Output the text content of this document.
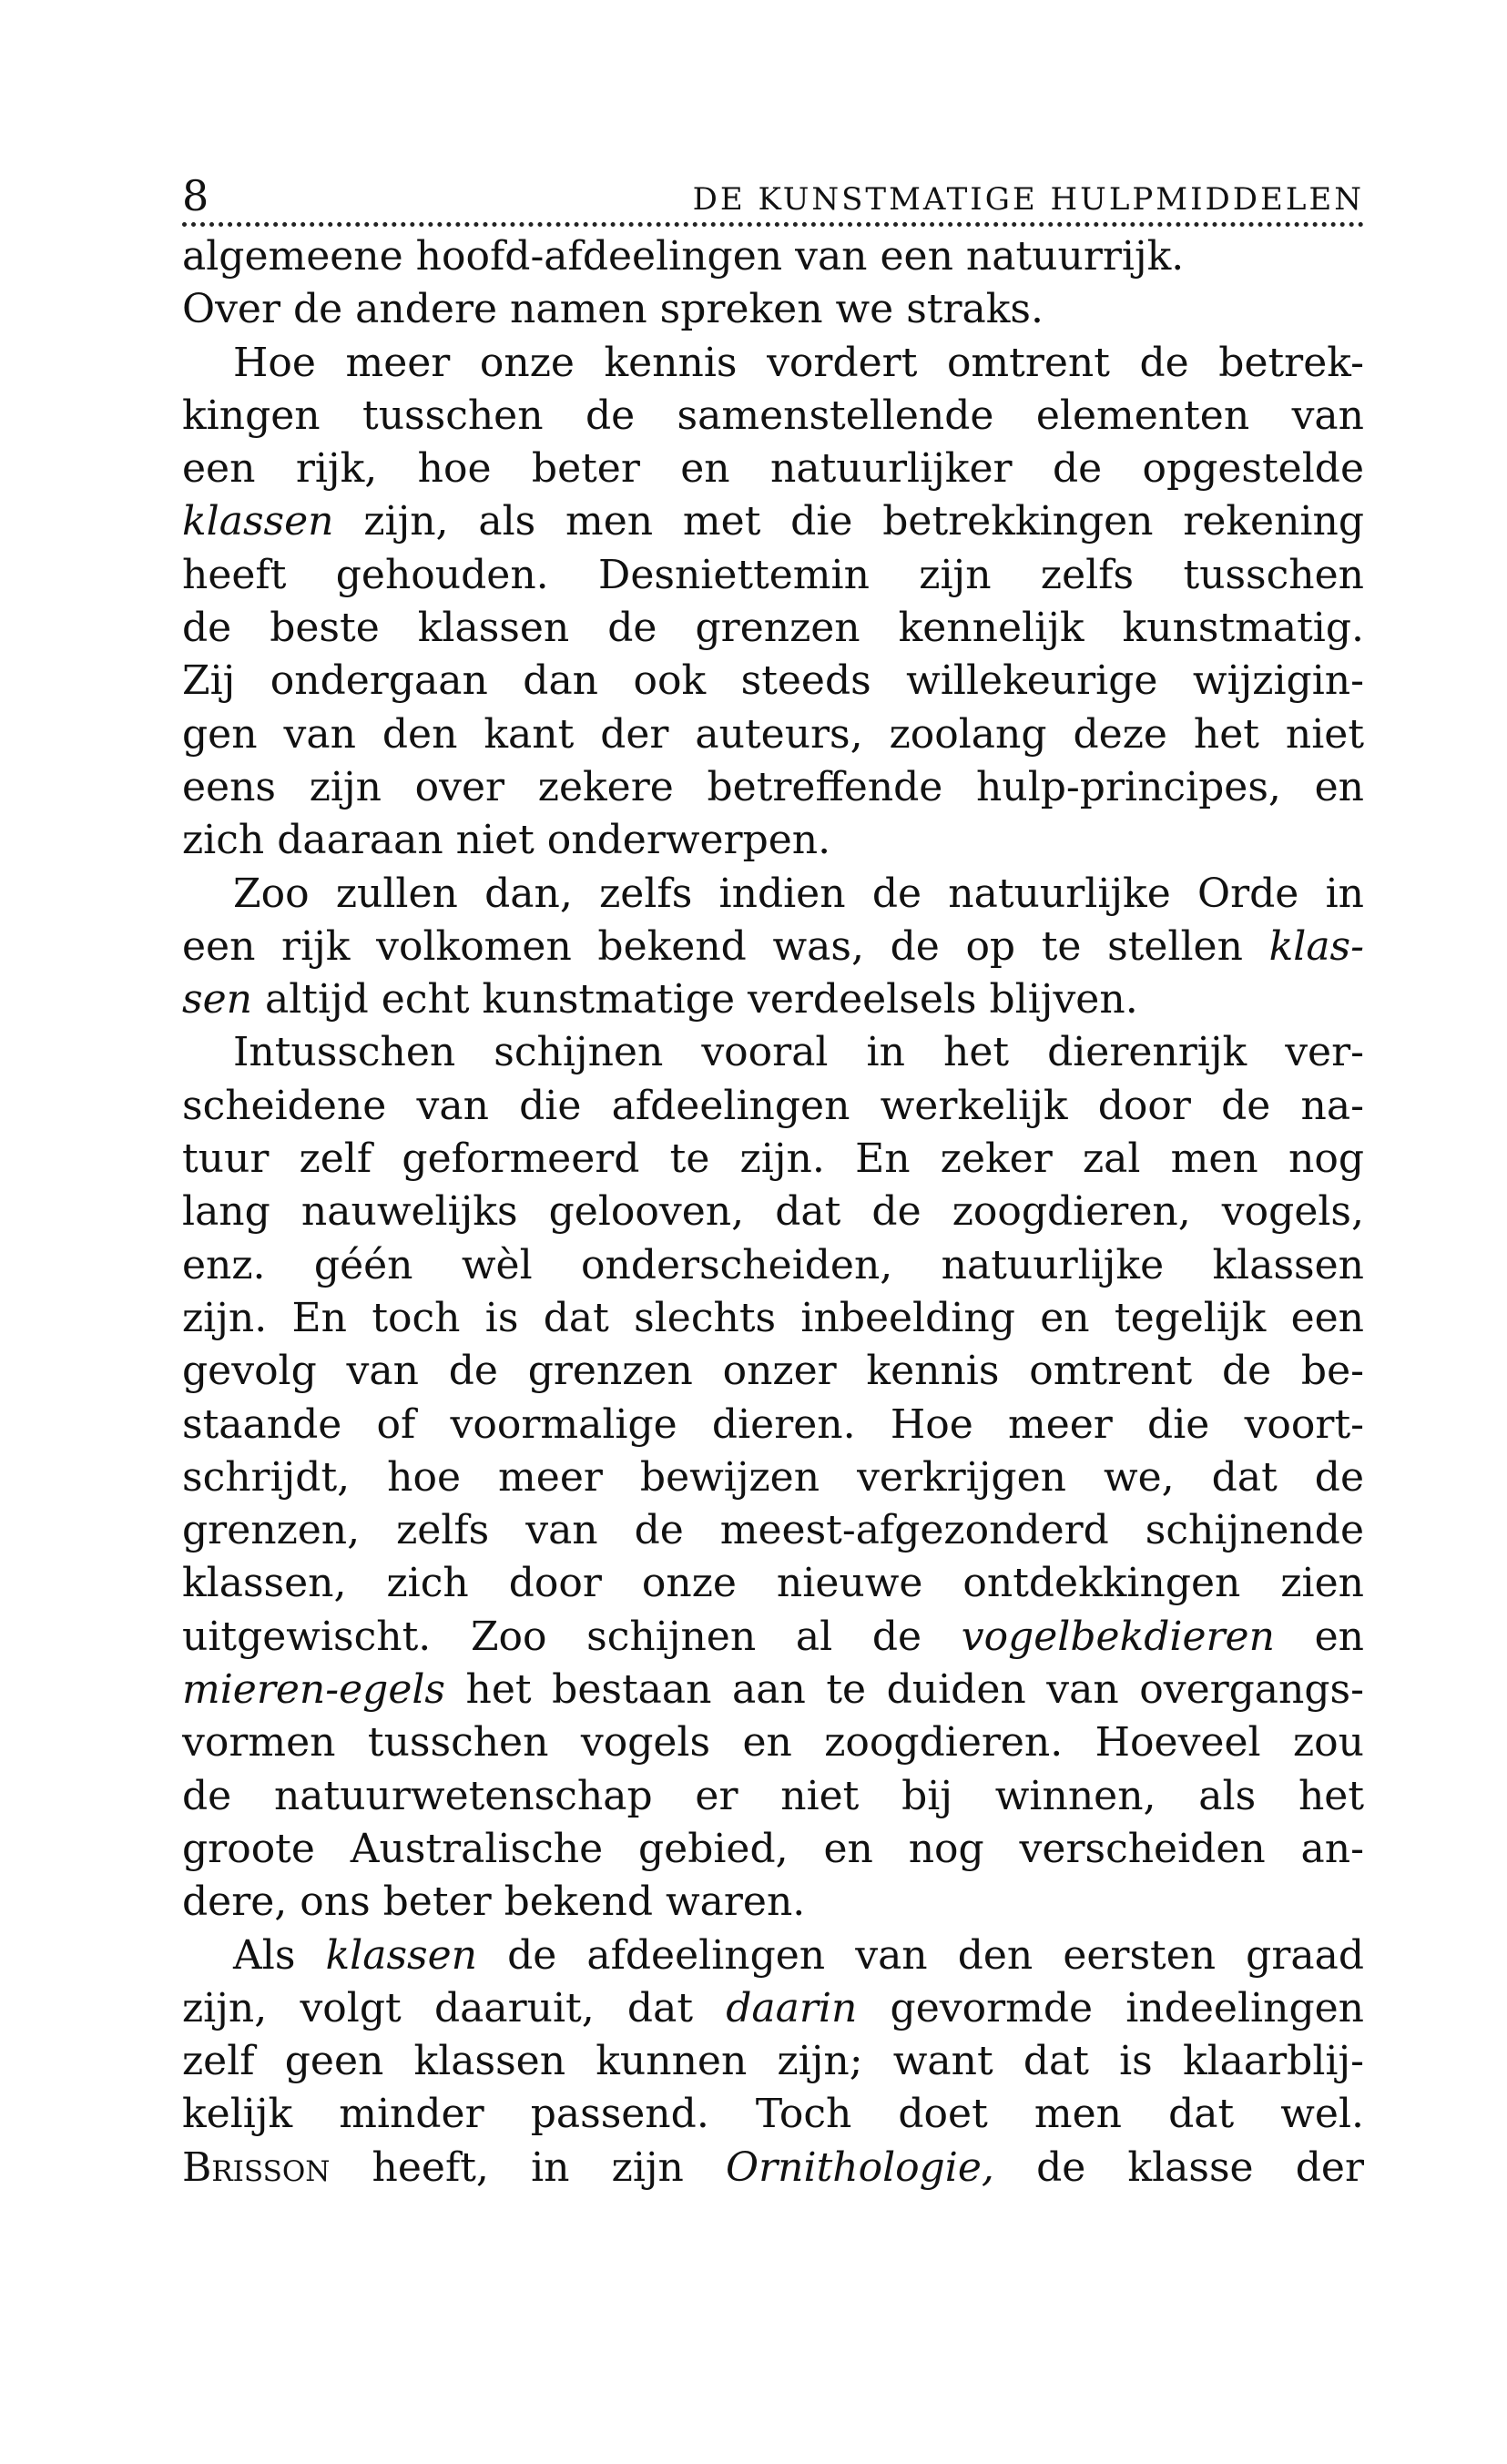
8	DE KUNSTMATIGE HULPMIDDELEN
algemeene hoofd-afdeelingen van een natuurrijk.
Over de andere namen spreken we straks.
Hoe meer onze kennis vordert omtrent de betrek-
kingen tusschen de samenstellende elementen van
een rijk, hoe beter en natuurlijker de opgestelde
klassen zijn, als men met die betrekkingen rekening
heeft gehouden. Desniettemin zijn zelfs tusschen
de beste klassen de grenzen kennelijk kunstmatig.
Zij ondergaan dan ook steeds willekeurige wijzigin-
gen van den kant der auteurs, zoolang deze het niet
eens zijn over zekere betreffende hulp-principes, en
zich daaraan niet onderwerpen.
Zoo zullen dan, zelfs indien de natuurlijke Orde in
een rijk volkomen bekend was, de op te stellen klas-
sen altijd echt kunstmatige verdeelsels blijven.
Intusschen schijnen vooral in het dierenrijk ver-
scheidene van die afdeelingen werkelijk door de na-
tuur zelf geformeerd te zijn. En zeker zal men nog
lang nauwelijks gelooven, dat de zoogdieren, vogels,
enz. géén wèl onderscheiden, natuurlijke klassen
zijn. En toch is dat slechts inbeelding en tegelijk een
gevolg van de grenzen onzer kennis omtrent de be-
staande of voormalige dieren. Hoe meer die voort-
schrijdt, hoe meer bewijzen verkrijgen we, dat de
grenzen, zelfs van de meest-afgezonderd schijnende
klassen, zich door onze nieuwe ontdekkingen zien
uitgewischt. Zoo schijnen al de vogelbekdieren en
mieren-egels het bestaan aan te duiden van overgangs-
vormen tusschen vogels en zoogdieren. Hoeveel zou
de natuurwetenschap er niet bij winnen, als het
groote Australische gebied, en nog verscheiden an-
dere, ons beter bekend waren.
Als klassen de afdeelingen van den eersten graad
zijn, volgt daaruit, dat daarin gevormde indeelingen
zelf geen klassen kunnen zijn; want dat is klaarblij-
kelijk minder passend. Toch doet men dat wel.
Brisson heeft, in zijn Ornithologie, de klasse der
